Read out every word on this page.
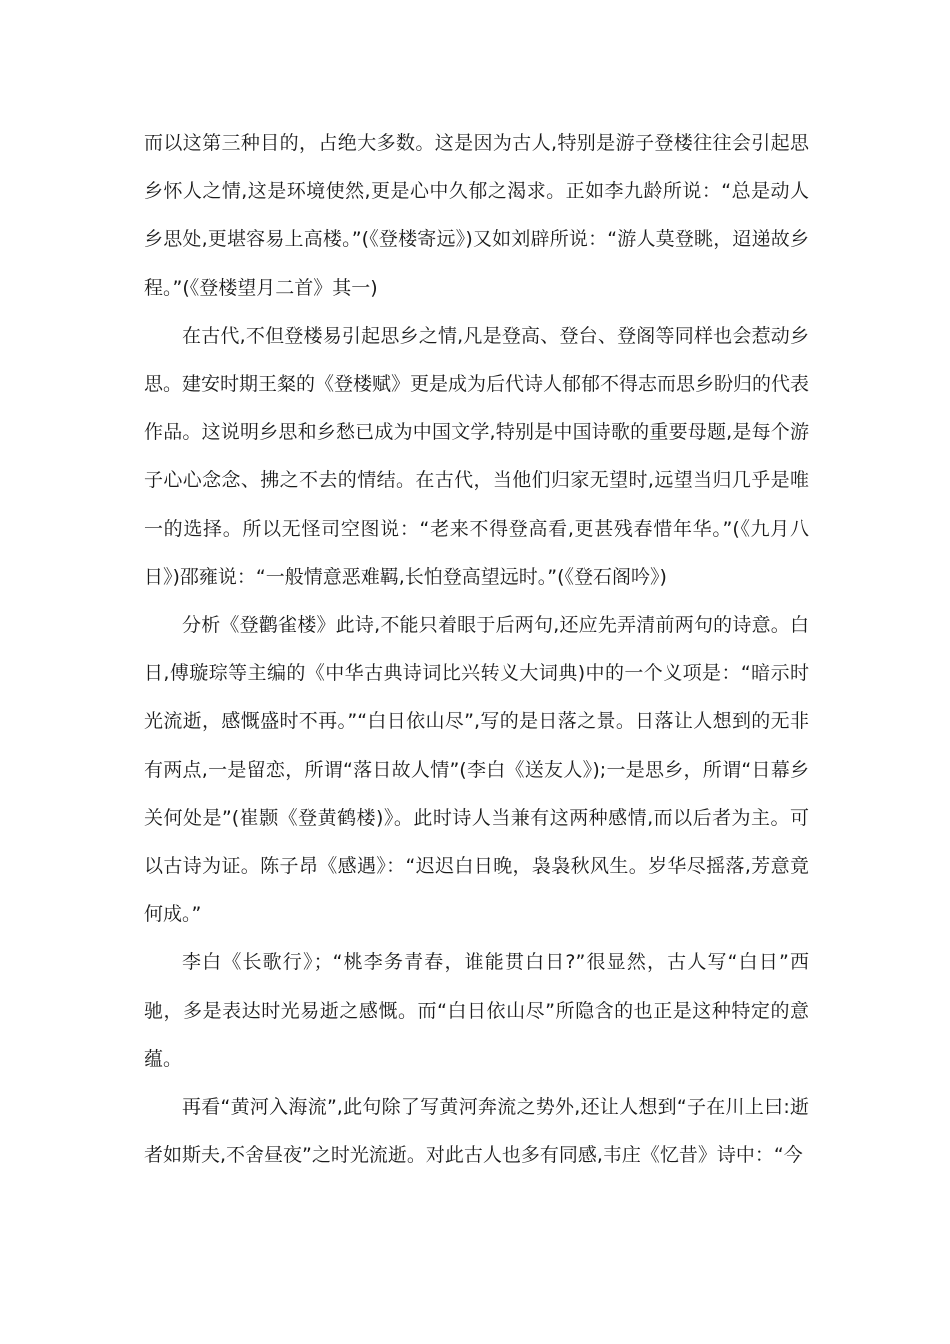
而以这第三种目的，占绝大多数。这是因为古人,特别是游子登楼往往会引起思乡怀人之情,这是环境使然,更是心中久郁之渴求。正如李九龄所说：“总是动人乡思处,更堪容易上高楼。”(《登楼寄远》)又如刘辟所说：“游人莫登眺，迢递故乡程。”(《登楼望月二首》其一)

在古代,不但登楼易引起思乡之情,凡是登高、登台、登阁等同样也会惹动乡思。建安时期王粲的《登楼赋》更是成为后代诗人郁郁不得志而思乡盼归的代表作品。这说明乡思和乡愁已成为中国文学,特别是中国诗歌的重要母题,是每个游子心心念念、拂之不去的情结。在古代，当他们归家无望时,远望当归几乎是唯一的选择。所以无怪司空图说：“老来不得登高看,更甚残春惜年华。”(《九月八日》)邵雍说：“一般情意恶难羁,长怕登高望远时。”(《登石阁吟》)

分析《登鹳雀楼》此诗,不能只着眼于后两句,还应先弄清前两句的诗意。白日,傅璇琮等主编的《中华古典诗词比兴转义大词典)中的一个义项是：“暗示时光流逝，感慨盛时不再。”“白日依山尽”,写的是日落之景。日落让人想到的无非有两点,一是留恋，所谓“落日故人情”(李白《送友人》);一是思乡，所谓“日幕乡关何处是”(崔颢《登黄鹤楼)》。此时诗人当兼有这两种感情,而以后者为主。可以古诗为证。陈子昂《感遇》：“迟迟白日晚，袅袅秋风生。岁华尽摇落,芳意竟何成。”

李白《长歌行》；“桃李务青春，谁能贯白日?”很显然，古人写“白日”西驰，多是表达时光易逝之感慨。而“白日依山尽”所隐含的也正是这种特定的意蕴。

再看“黄河入海流”,此句除了写黄河奔流之势外,还让人想到“子在川上曰:逝者如斯夫,不舍昼夜”之时光流逝。对此古人也多有同感,韦庄《忆昔》诗中：“今
